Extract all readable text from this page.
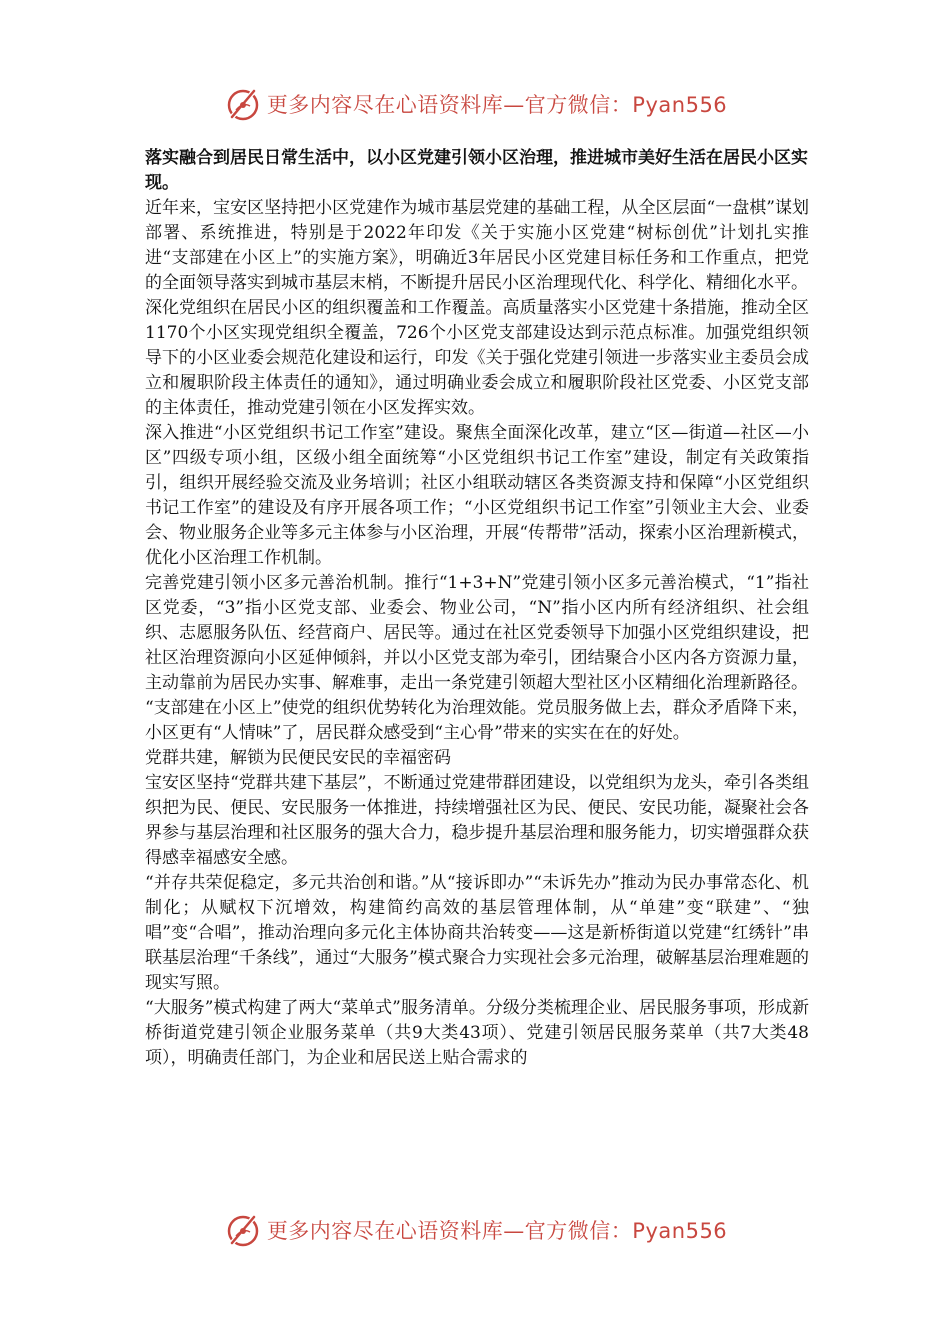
更多内容尽在心语资料库—官方微信：Pyan556

落实融合到居民日常生活中，以小区党建引领小区治理，推进城市美好生活在居民小区实现。

近年来，宝安区坚持把小区党建作为城市基层党建的基础工程，从全区层面“一盘棋”谋划部署、系统推进，特别是于2022年印发《关于实施小区党建“树标创优”计划扎实推进“支部建在小区上”的实施方案》，明确近3年居民小区党建目标任务和工作重点，把党的全面领导落实到城市基层末梢，不断提升居民小区治理现代化、科学化、精细化水平。

深化党组织在居民小区的组织覆盖和工作覆盖。高质量落实小区党建十条措施，推动全区1170个小区实现党组织全覆盖，726个小区党支部建设达到示范点标准。加强党组织领导下的小区业委会规范化建设和运行，印发《关于强化党建引领进一步落实业主委员会成立和履职阶段主体责任的通知》，通过明确业委会成立和履职阶段社区党委、小区党支部的主体责任，推动党建引领在小区发挥实效。

深入推进“小区党组织书记工作室”建设。聚焦全面深化改革，建立“区—街道—社区—小区”四级专项小组，区级小组全面统筹“小区党组织书记工作室”建设，制定有关政策指引，组织开展经验交流及业务培训；社区小组联动辖区各类资源支持和保障“小区党组织书记工作室”的建设及有序开展各项工作；“小区党组织书记工作室”引领业主大会、业委会、物业服务企业等多元主体参与小区治理，开展“传帮带”活动，探索小区治理新模式，优化小区治理工作机制。

完善党建引领小区多元善治机制。推行“1+3+N”党建引领小区多元善治模式，“1”指社区党委，“3”指小区党支部、业委会、物业公司，“N”指小区内所有经济组织、社会组织、志愿服务队伍、经营商户、居民等。通过在社区党委领导下加强小区党组织建设，把社区治理资源向小区延伸倾斜，并以小区党支部为牵引，团结聚合小区内各方资源力量，主动靠前为居民办实事、解难事，走出一条党建引领超大型社区小区精细化治理新路径。

“支部建在小区上”使党的组织优势转化为治理效能。党员服务做上去，群众矛盾降下来，小区更有“人情味”了，居民群众感受到“主心骨”带来的实实在在的好处。

党群共建，解锁为民便民安民的幸福密码

宝安区坚持“党群共建下基层”，不断通过党建带群团建设，以党组织为龙头，牵引各类组织把为民、便民、安民服务一体推进，持续增强社区为民、便民、安民功能，凝聚社会各界参与基层治理和社区服务的强大合力，稳步提升基层治理和服务能力，切实增强群众获得感幸福感安全感。

“并存共荣促稳定，多元共治创和谐。”从“接诉即办”“未诉先办”推动为民办事常态化、机制化；从赋权下沉增效，构建简约高效的基层管理体制，从“单建”变“联建”、“独唱”变“合唱”，推动治理向多元化主体协商共治转变——这是新桥街道以党建“红绣针”串联基层治理“千条线”，通过“大服务”模式聚合力实现社会多元治理，破解基层治理难题的现实写照。

“大服务”模式构建了两大“菜单式”服务清单。分级分类梳理企业、居民服务事项，形成新桥街道党建引领企业服务菜单（共9大类43项）、党建引领居民服务菜单（共7大类48项），明确责任部门，为企业和居民送上贴合需求的

更多内容尽在心语资料库—官方微信：Pyan556
